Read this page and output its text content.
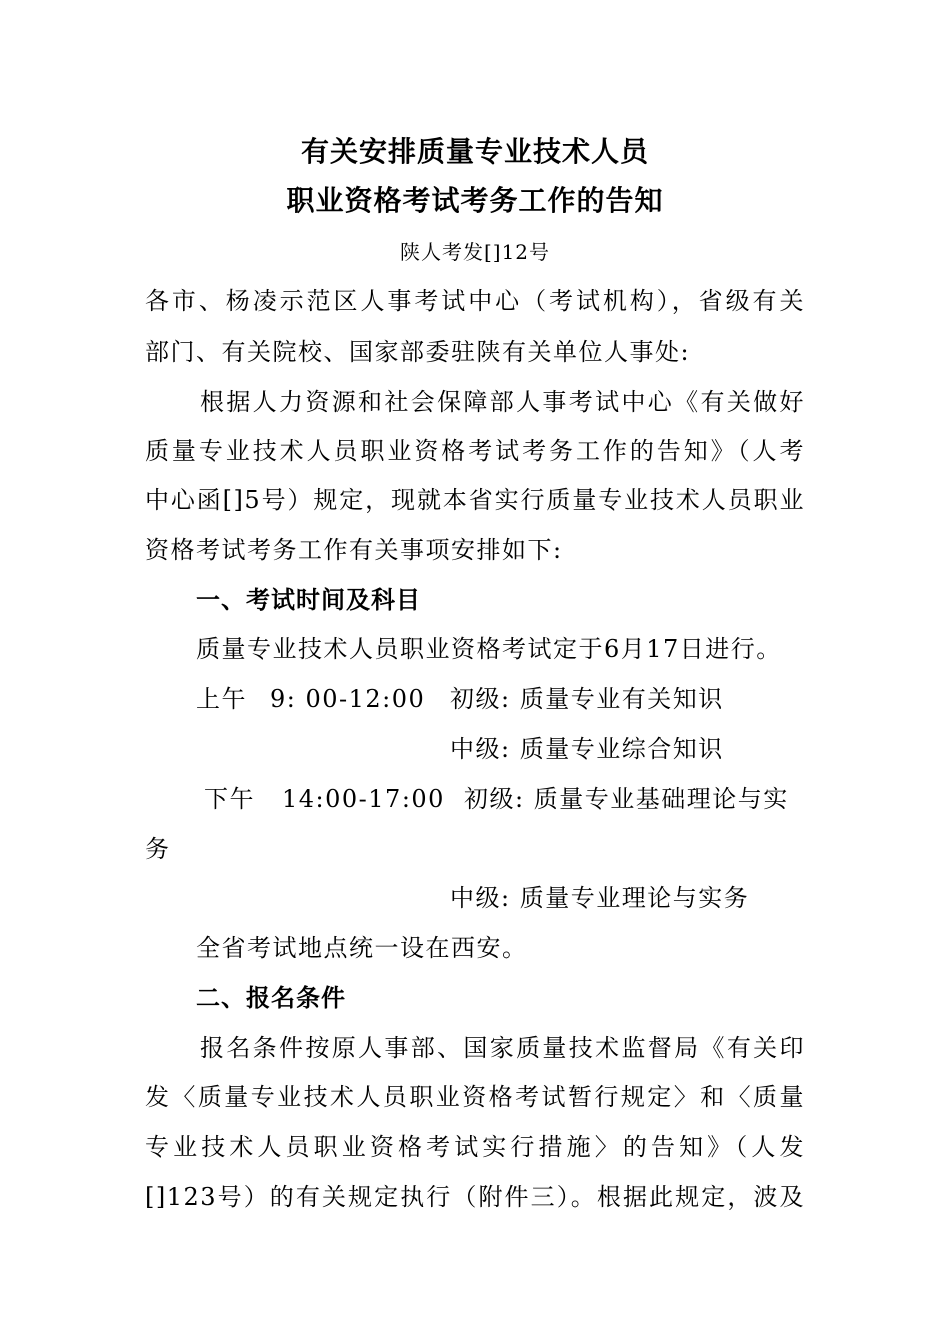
有关安排质量专业技术人员
职业资格考试考务工作的告知
陕人考发[]12号
各市、杨凌示范区人事考试中心（考试机构），省级有关
部门、有关院校、国家部委驻陕有关单位人事处:
根据人力资源和社会保障部人事考试中心《有关做好
质量专业技术人员职业资格考试考务工作的告知》（人考
中心函[]5号）规定，现就本省实行质量专业技术人员职业
资格考试考务工作有关事项安排如下:
一、考试时间及科目
质量专业技术人员职业资格考试定于6月17日进行。
上午 9: 00-12:00 初级: 质量专业有关知识
中级: 质量专业综合知识
下午 14:00-17:00 初级: 质量专业基础理论与实
务
中级: 质量专业理论与实务
全省考试地点统一设在西安。
二、报名条件
报名条件按原人事部、国家质量技术监督局《有关印
发〈质量专业技术人员职业资格考试暂行规定〉和〈质量
专业技术人员职业资格考试实行措施〉的告知》（人发
[]123号）的有关规定执行（附件三）。根据此规定，波及
